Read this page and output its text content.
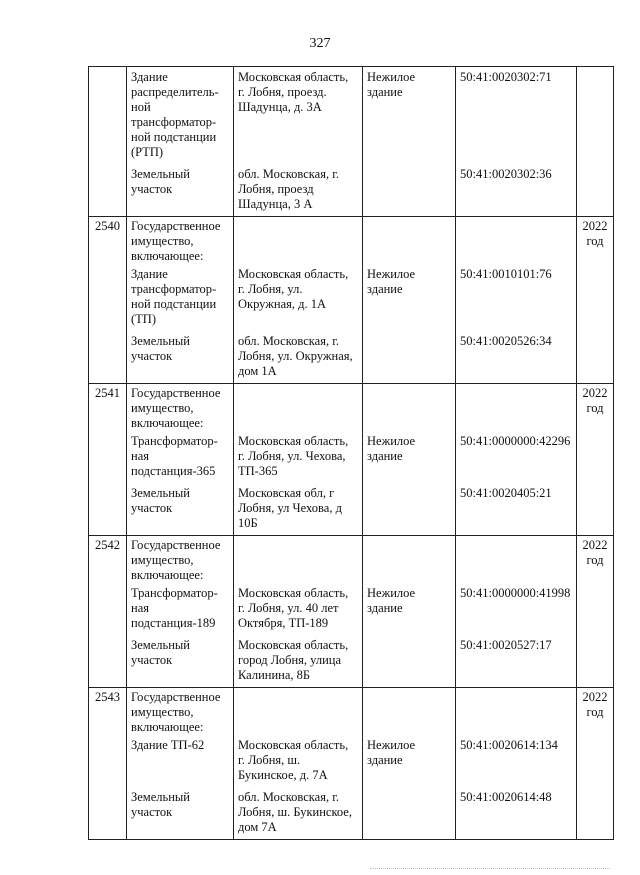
327
	Здание распределитель-ной трансформатор-ной подстанции (РТП)	Московская область, г. Лобня, проезд. Шадунца, д. 3А	Нежилое здание	50:41:0020302:71	
	Земельный участок	обл. Московская, г. Лобня, проезд Шадунца, 3 А		50:41:0020302:36	
2540	Государственное имущество, включающее:				2022 год
	Здание трансформатор-ной подстанции (ТП)	Московская область, г. Лобня, ул. Окружная, д. 1А	Нежилое здание	50:41:0010101:76	
	Земельный участок	обл. Московская, г. Лобня, ул. Окружная, дом 1А		50:41:0020526:34	
2541	Государственное имущество, включающее:				2022 год
	Трансформатор-ная подстанция-365	Московская область, г. Лобня, ул. Чехова, ТП-365	Нежилое здание	50:41:0000000:42296	
	Земельный участок	Московская обл, г Лобня, ул Чехова, д 10Б		50:41:0020405:21	
2542	Государственное имущество, включающее:				2022 год
	Трансформатор-ная подстанция-189	Московская область, г. Лобня, ул. 40 лет Октября, ТП-189	Нежилое здание	50:41:0000000:41998	
	Земельный участок	Московская область, город Лобня, улица Калинина, 8Б		50:41:0020527:17	
2543	Государственное имущество, включающее:				2022 год
	Здание ТП-62	Московская область, г. Лобня, ш. Букинское, д. 7А	Нежилое здание	50:41:0020614:134	
	Земельный участок	обл. Московская, г. Лобня, ш. Букинское, дом 7А		50:41:0020614:48	
